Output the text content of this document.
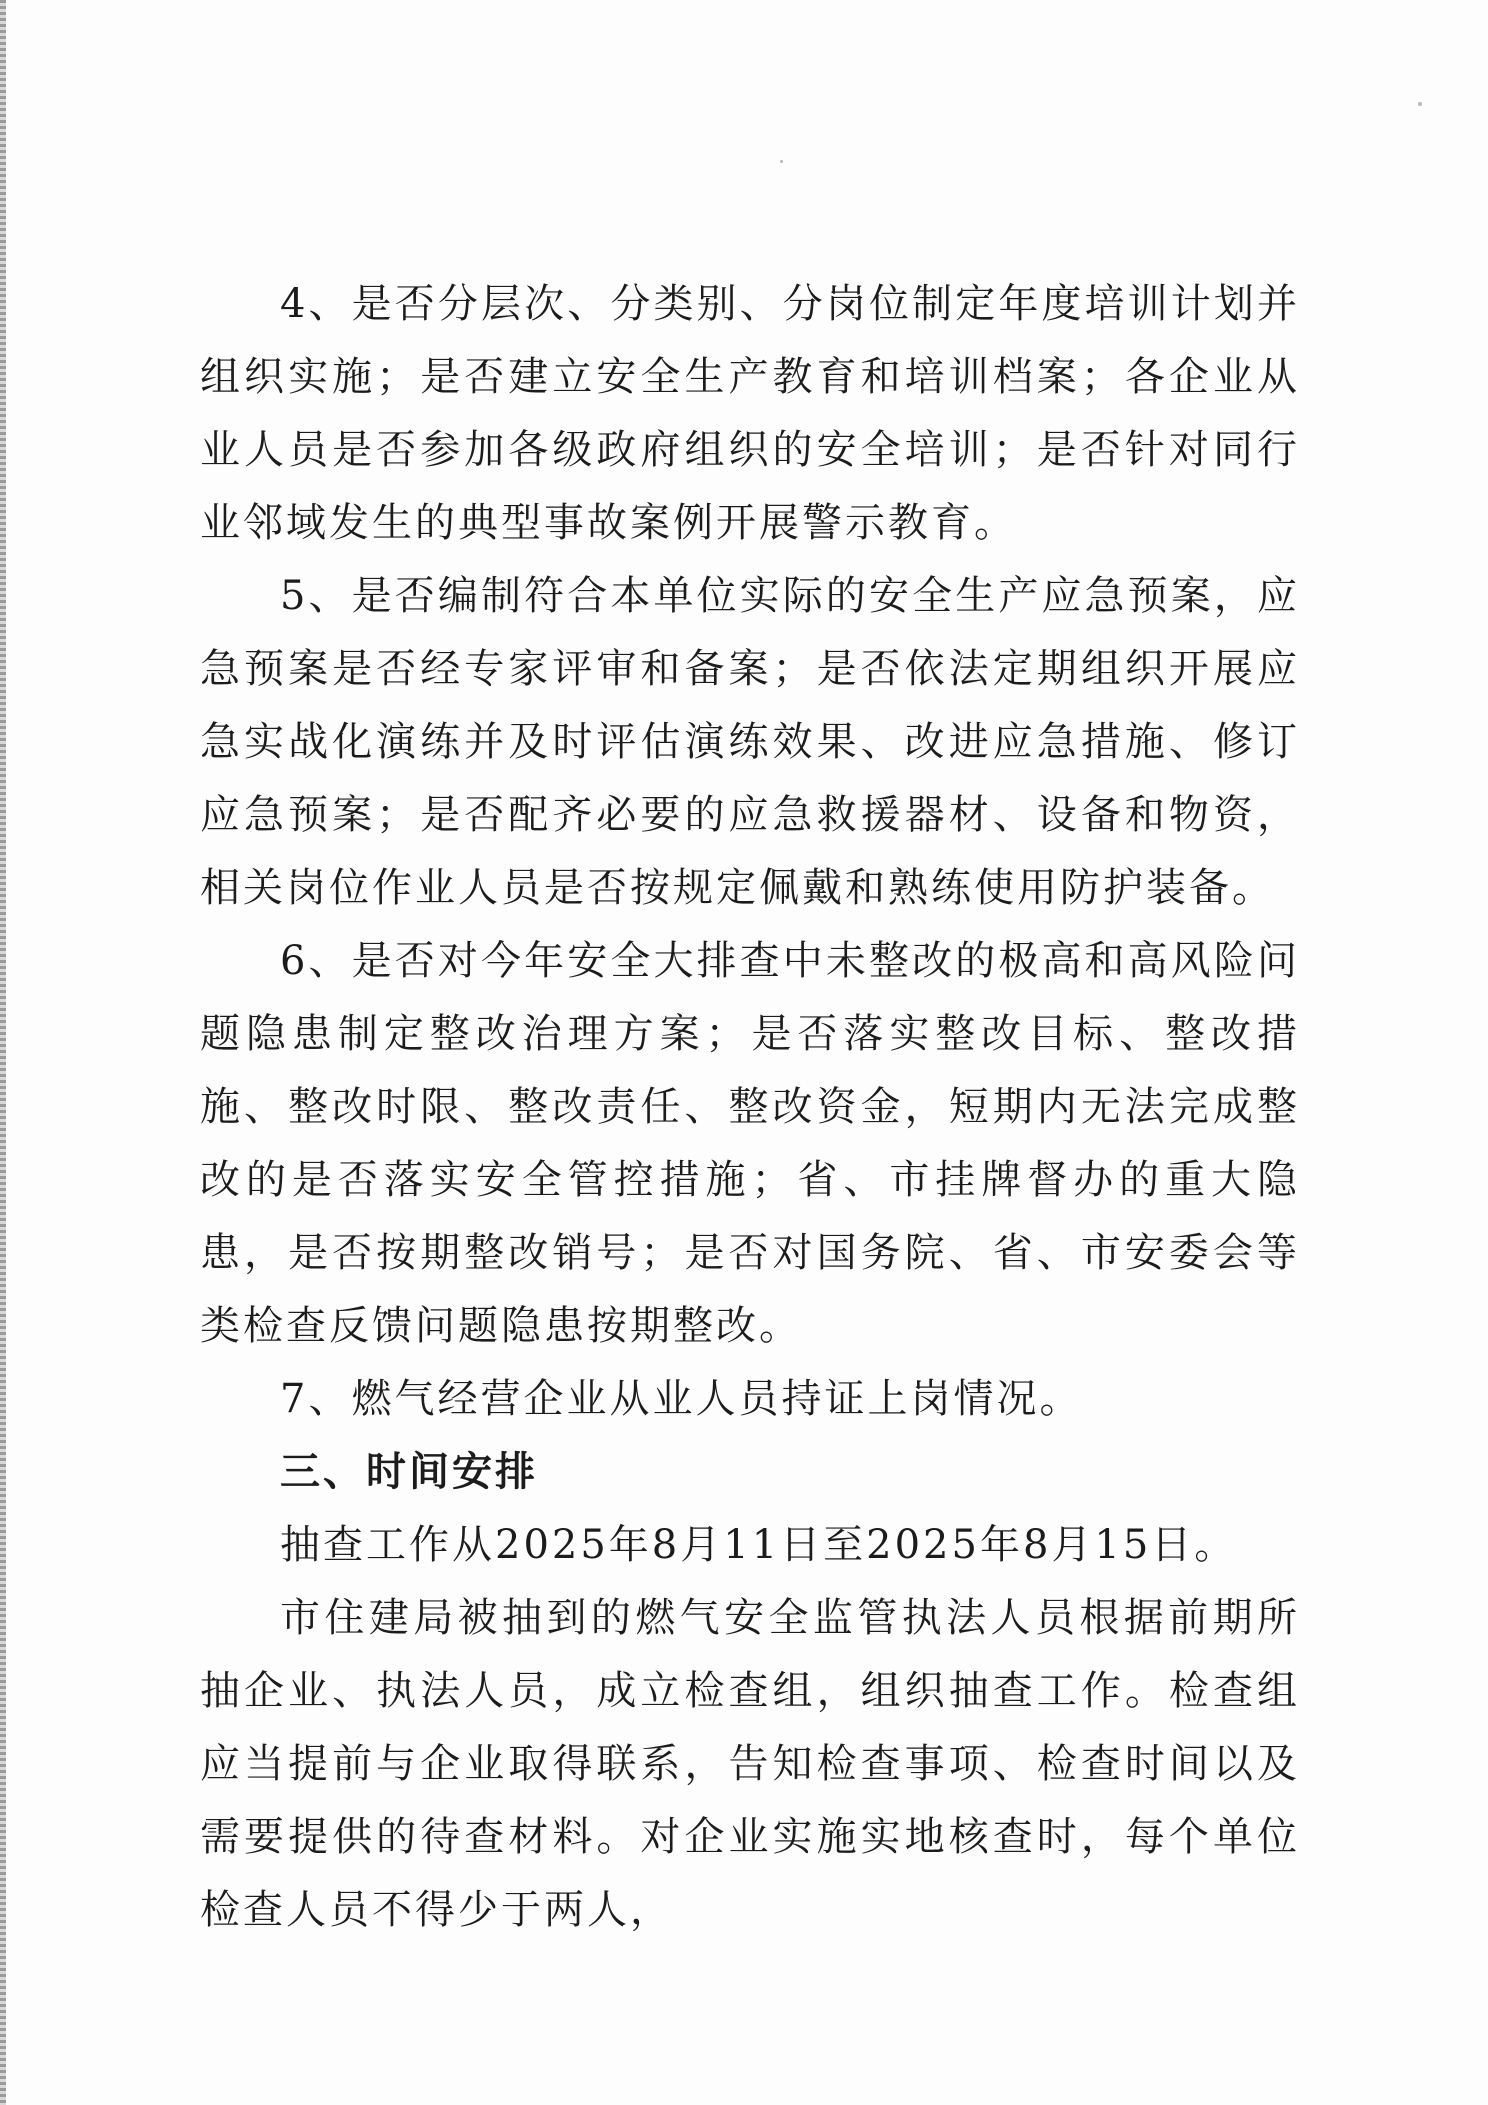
4、是否分层次、分类别、分岗位制定年度培训计划并组织实施；是否建立安全生产教育和培训档案；各企业从业人员是否参加各级政府组织的安全培训；是否针对同行业邻域发生的典型事故案例开展警示教育。

5、是否编制符合本单位实际的安全生产应急预案，应急预案是否经专家评审和备案；是否依法定期组织开展应急实战化演练并及时评估演练效果、改进应急措施、修订应急预案；是否配齐必要的应急救援器材、设备和物资，相关岗位作业人员是否按规定佩戴和熟练使用防护装备。

6、是否对今年安全大排查中未整改的极高和高风险问题隐患制定整改治理方案；是否落实整改目标、整改措施、整改时限、整改责任、整改资金，短期内无法完成整改的是否落实安全管控措施；省、市挂牌督办的重大隐患，是否按期整改销号；是否对国务院、省、市安委会等类检查反馈问题隐患按期整改。

7、燃气经营企业从业人员持证上岗情况。

三、时间安排

抽查工作从2025年8月11日至2025年8月15日。

市住建局被抽到的燃气安全监管执法人员根据前期所抽企业、执法人员，成立检查组，组织抽查工作。检查组应当提前与企业取得联系，告知检查事项、检查时间以及需要提供的待查材料。对企业实施实地核查时，每个单位检查人员不得少于两人，
